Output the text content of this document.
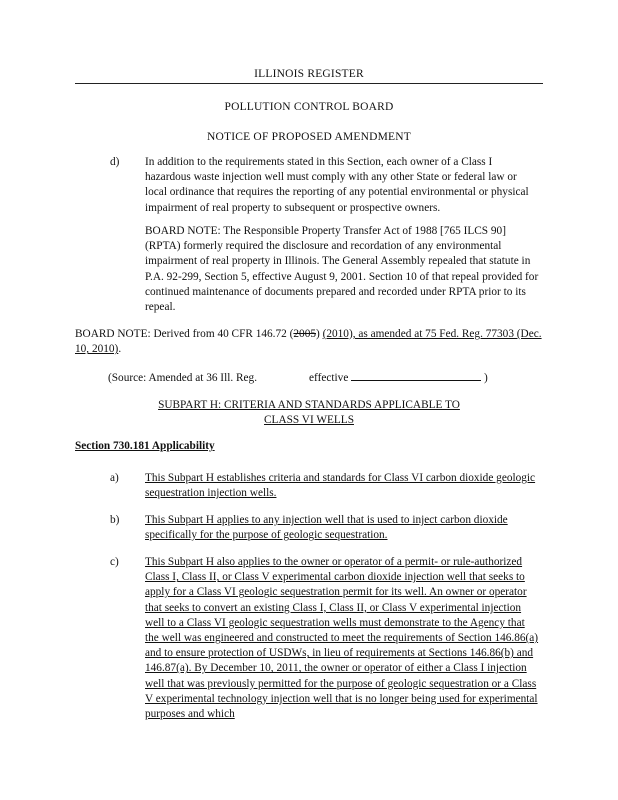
ILLINOIS REGISTER
POLLUTION CONTROL BOARD
NOTICE OF PROPOSED AMENDMENT
d) In addition to the requirements stated in this Section, each owner of a Class I hazardous waste injection well must comply with any other State or federal law or local ordinance that requires the reporting of any potential environmental or physical impairment of real property to subsequent or prospective owners.

BOARD NOTE: The Responsible Property Transfer Act of 1988 [765 ILCS 90] (RPTA) formerly required the disclosure and recordation of any environmental impairment of real property in Illinois. The General Assembly repealed that statute in P.A. 92-299, Section 5, effective August 9, 2001. Section 10 of that repeal provided for continued maintenance of documents prepared and recorded under RPTA prior to its repeal.

BOARD NOTE: Derived from 40 CFR 146.72 (2005) (2010), as amended at 75 Fed. Reg. 77303 (Dec. 10, 2010).

(Source: Amended at 36 Ill. Reg.	effective	)
SUBPART H: CRITERIA AND STANDARDS APPLICABLE TO
CLASS VI WELLS
Section 730.181 Applicability
a) This Subpart H establishes criteria and standards for Class VI carbon dioxide geologic sequestration injection wells.

b) This Subpart H applies to any injection well that is used to inject carbon dioxide specifically for the purpose of geologic sequestration.

c) This Subpart H also applies to the owner or operator of a permit- or rule-authorized Class I, Class II, or Class V experimental carbon dioxide injection well that seeks to apply for a Class VI geologic sequestration permit for its well. An owner or operator that seeks to convert an existing Class I, Class II, or Class V experimental injection well to a Class VI geologic sequestration wells must demonstrate to the Agency that the well was engineered and constructed to meet the requirements of Section 146.86(a) and to ensure protection of USDWs, in lieu of requirements at Sections 146.86(b) and 146.87(a). By December 10, 2011, the owner or operator of either a Class I injection well that was previously permitted for the purpose of geologic sequestration or a Class V experimental technology injection well that is no longer being used for experimental purposes and which
